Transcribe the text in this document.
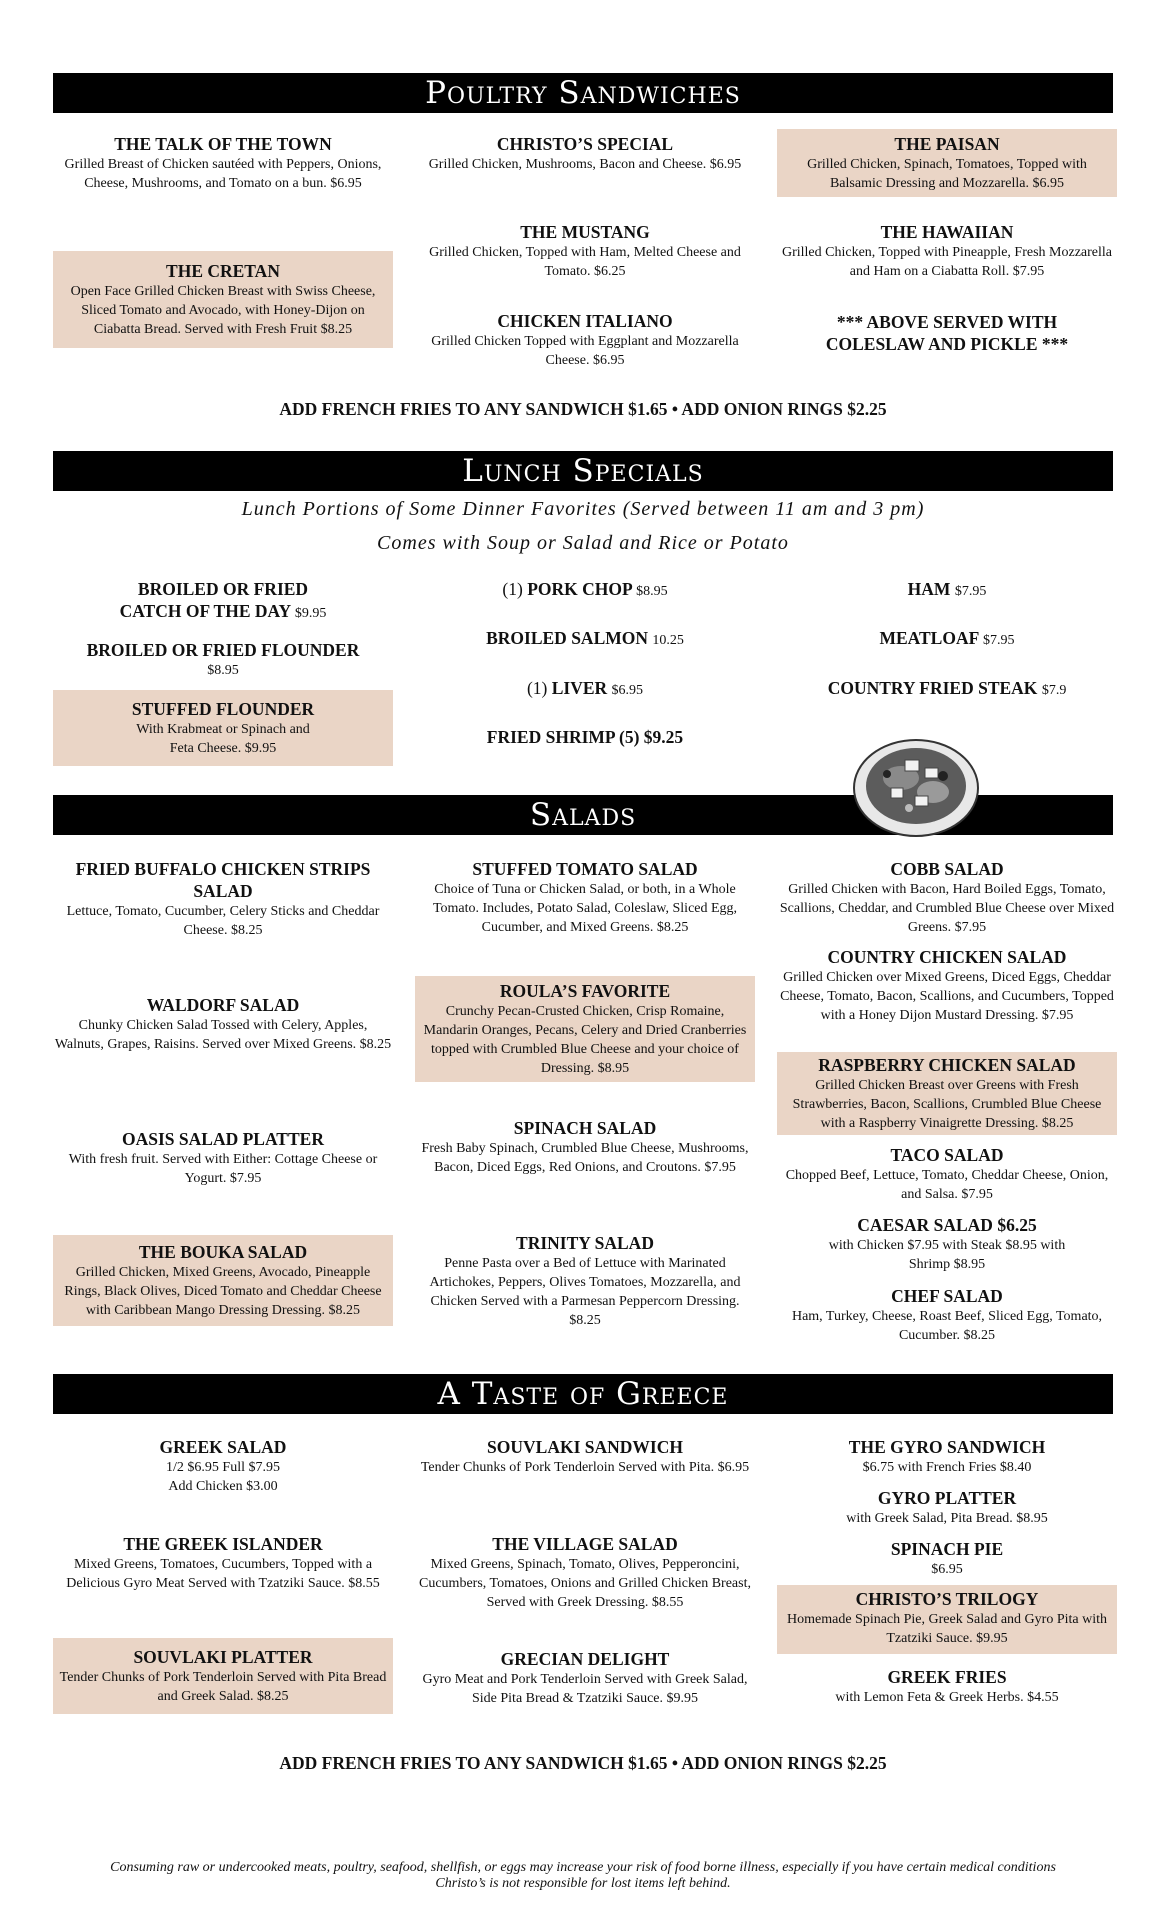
Poultry Sandwiches
THE TALK OF THE TOWN
Grilled Breast of Chicken sautéed with Peppers, Onions, Cheese, Mushrooms, and Tomato on a bun. $6.95
THE CRETAN
Open Face Grilled Chicken Breast with Swiss Cheese, Sliced Tomato and Avocado, with Honey-Dijon on Ciabatta Bread. Served with Fresh Fruit $8.25
CHRISTO’S SPECIAL
Grilled Chicken, Mushrooms, Bacon and Cheese. $6.95
THE MUSTANG
Grilled Chicken, Topped with Ham, Melted Cheese and Tomato. $6.25
CHICKEN ITALIANO
Grilled Chicken Topped with Eggplant and Mozzarella Cheese. $6.95
THE PAISAN
Grilled Chicken, Spinach, Tomatoes, Topped with Balsamic Dressing and Mozzarella. $6.95
THE HAWAIIAN
Grilled Chicken, Topped with Pineapple, Fresh Mozzarella and Ham on a Ciabatta Roll. $7.95
*** ABOVE SERVED WITH COLESLAW AND PICKLE ***
ADD FRENCH FRIES TO ANY SANDWICH $1.65 • ADD ONION RINGS $2.25
Lunch Specials
Lunch Portions of Some Dinner Favorites (Served between 11 am and 3 pm)
Comes with Soup or Salad and Rice or Potato
BROILED OR FRIED CATCH OF THE DAY $9.95
BROILED OR FRIED FLOUNDER
$8.95
STUFFED FLOUNDER
With Krabmeat or Spinach and Feta Cheese. $9.95
(1) PORK CHOP $8.95
BROILED SALMON 10.25
(1) LIVER $6.95
FRIED SHRIMP (5) $9.25
HAM $7.95
MEATLOAF $7.95
COUNTRY FRIED STEAK $7.9
Salads
FRIED BUFFALO CHICKEN STRIPS SALAD
Lettuce, Tomato, Cucumber, Celery Sticks and Cheddar Cheese. $8.25
WALDORF SALAD
Chunky Chicken Salad Tossed with Celery, Apples, Walnuts, Grapes, Raisins. Served over Mixed Greens. $8.25
OASIS SALAD PLATTER
With fresh fruit. Served with Either: Cottage Cheese or Yogurt. $7.95
THE BOUKA SALAD
Grilled Chicken, Mixed Greens, Avocado, Pineapple Rings, Black Olives, Diced Tomato and Cheddar Cheese with Caribbean Mango Dressing Dressing. $8.25
STUFFED TOMATO SALAD
Choice of Tuna or Chicken Salad, or both, in a Whole Tomato. Includes, Potato Salad, Coleslaw, Sliced Egg, Cucumber, and Mixed Greens. $8.25
ROULA’S FAVORITE
Crunchy Pecan-Crusted Chicken, Crisp Romaine, Mandarin Oranges, Pecans, Celery and Dried Cranberries topped with Crumbled Blue Cheese and your choice of Dressing. $8.95
SPINACH SALAD
Fresh Baby Spinach, Crumbled Blue Cheese, Mushrooms, Bacon, Diced Eggs, Red Onions, and Croutons. $7.95
TRINITY SALAD
Penne Pasta over a Bed of Lettuce with Marinated Artichokes, Peppers, Olives Tomatoes, Mozzarella, and Chicken Served with a Parmesan Peppercorn Dressing. $8.25
COBB SALAD
Grilled Chicken with Bacon, Hard Boiled Eggs, Tomato, Scallions, Cheddar, and Crumbled Blue Cheese over Mixed Greens. $7.95
COUNTRY CHICKEN SALAD
Grilled Chicken over Mixed Greens, Diced Eggs, Cheddar Cheese, Tomato, Bacon, Scallions, and Cucumbers, Topped with a Honey Dijon Mustard Dressing. $7.95
RASPBERRY CHICKEN SALAD
Grilled Chicken Breast over Greens with Fresh Strawberries, Bacon, Scallions, Crumbled Blue Cheese with a Raspberry Vinaigrette Dressing. $8.25
TACO SALAD
Chopped Beef, Lettuce, Tomato, Cheddar Cheese, Onion, and Salsa. $7.95
CAESAR SALAD $6.25
with Chicken $7.95 with Steak $8.95 with Shrimp $8.95
CHEF SALAD
Ham, Turkey, Cheese, Roast Beef, Sliced Egg, Tomato, Cucumber. $8.25
A Taste of Greece
GREEK SALAD
1/2 $6.95 Full $7.95
Add Chicken $3.00
THE GREEK ISLANDER
Mixed Greens, Tomatoes, Cucumbers, Topped with a Delicious Gyro Meat Served with Tzatziki Sauce. $8.55
SOUVLAKI PLATTER
Tender Chunks of Pork Tenderloin Served with Pita Bread and Greek Salad. $8.25
SOUVLAKI SANDWICH
Tender Chunks of Pork Tenderloin Served with Pita. $6.95
THE VILLAGE SALAD
Mixed Greens, Spinach, Tomato, Olives, Pepperoncini, Cucumbers, Tomatoes, Onions and Grilled Chicken Breast, Served with Greek Dressing. $8.55
GRECIAN DELIGHT
Gyro Meat and Pork Tenderloin Served with Greek Salad, Side Pita Bread & Tzatziki Sauce. $9.95
THE GYRO SANDWICH
$6.75 with French Fries $8.40
GYRO PLATTER
with Greek Salad, Pita Bread. $8.95
SPINACH PIE
$6.95
CHRISTO’S TRILOGY
Homemade Spinach Pie, Greek Salad and Gyro Pita with Tzatziki Sauce. $9.95
GREEK FRIES
with Lemon Feta & Greek Herbs. $4.55
ADD FRENCH FRIES TO ANY SANDWICH $1.65 • ADD ONION RINGS $2.25
Consuming raw or undercooked meats, poultry, seafood, shellfish, or eggs may increase your risk of food borne illness, especially if you have certain medical conditions
Christo’s is not responsible for lost items left behind.
